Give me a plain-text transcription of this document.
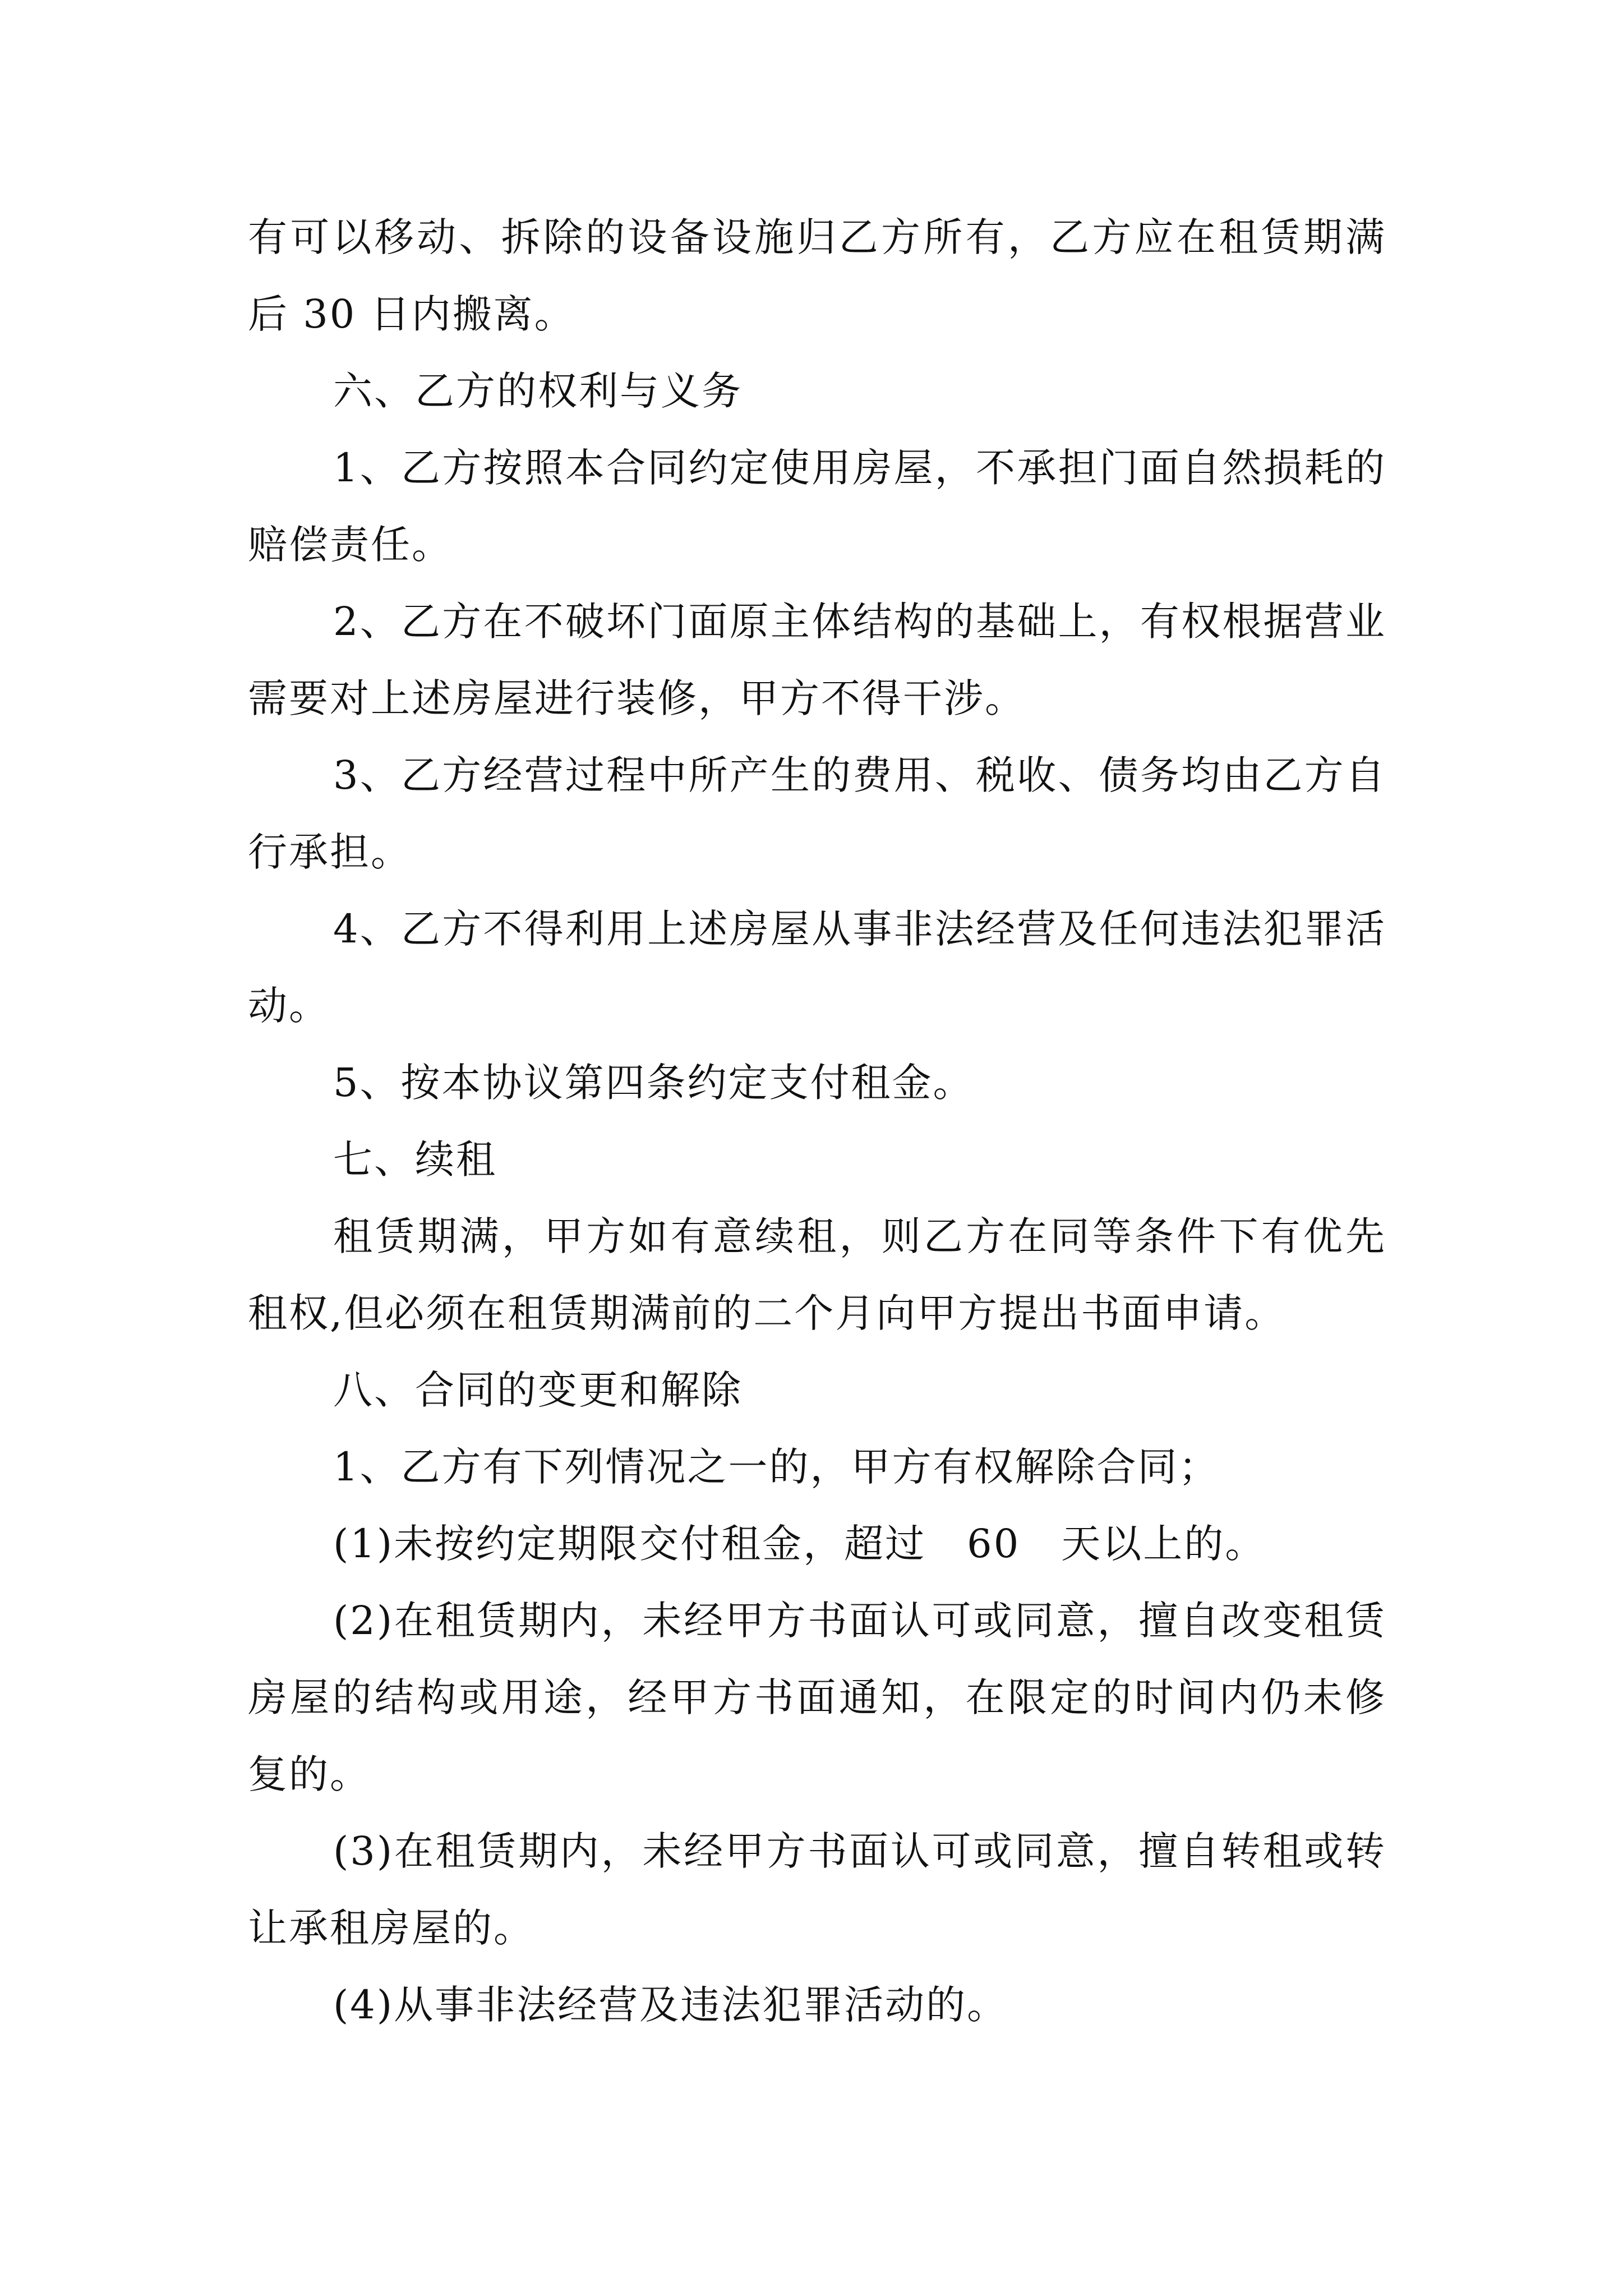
有可以移动、拆除的设备设施归乙方所有，乙方应在租赁期满后 30 日内搬离。

六、乙方的权利与义务

1、乙方按照本合同约定使用房屋，不承担门面自然损耗的赔偿责任。

2、乙方在不破坏门面原主体结构的基础上，有权根据营业需要对上述房屋进行装修，甲方不得干涉。

3、乙方经营过程中所产生的费用、税收、债务均由乙方自行承担。

4、乙方不得利用上述房屋从事非法经营及任何违法犯罪活动。

5、按本协议第四条约定支付租金。

七、续租

租赁期满，甲方如有意续租，则乙方在同等条件下有优先租权,但必须在租赁期满前的二个月向甲方提出书面申请。

八、合同的变更和解除

1、乙方有下列情况之一的，甲方有权解除合同；

(1)未按约定期限交付租金，超过　60　天以上的。

(2)在租赁期内，未经甲方书面认可或同意，擅自改变租赁房屋的结构或用途，经甲方书面通知，在限定的时间内仍未修复的。

(3)在租赁期内，未经甲方书面认可或同意，擅自转租或转让承租房屋的。

(4)从事非法经营及违法犯罪活动的。
